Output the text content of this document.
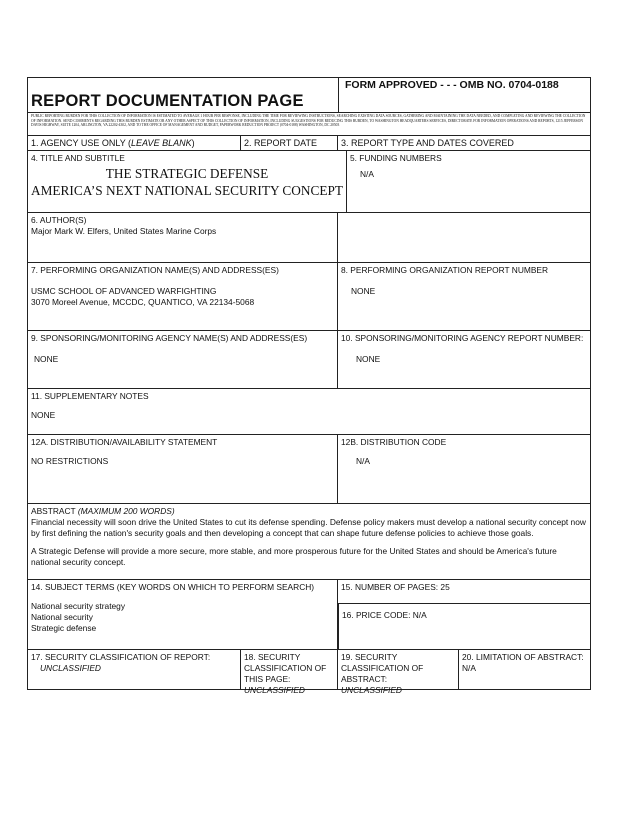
REPORT DOCUMENTATION PAGE
FORM APPROVED - - - OMB NO. 0704-0188
PUBLIC REPORTING BURDEN FOR THIS COLLECTION OF INFORMATION IS ESTIMATED TO AVERAGE 1 HOUR PER RESPONSE, INCLUDING THE TIME FOR REVIEWING INSTRUCTIONS, SEARCHING EXISTING DATA SOURCES, GATHERING AND MAINTAINING THE DATA NEEDED, AND COMPLETING AND REVIEWING THE COLLECTION OF INFORMATION. SEND COMMENTS REGARDING THIS BURDEN ESTIMATE OR ANY OTHER ASPECT OF THIS COLLECTION OF INFORMATION, INCLUDING SUGGESTIONS FOR REDUCING THIS BURDEN, TO WASHINGTON HEADQUARTERS SERVICES, DIRECTORATE FOR INFORMATION OPERATIONS AND REPORTS, 1215 JEFFERSON DAVIS HIGHWAY, SUITE 1204, ARLINGTON, VA 22202-4302, AND TO THE OFFICE OF MANAGEMENT AND BUDGET, PAPERWORK REDUCTION PROJECT (0704-0188) WASHINGTON, DC 20503
1. AGENCY USE ONLY (LEAVE BLANK)	2. REPORT DATE	3. REPORT TYPE AND DATES COVERED
4. TITLE AND SUBTITLE
THE STRATEGIC DEFENSE
AMERICA’S NEXT NATIONAL SECURITY CONCEPT
5. FUNDING NUMBERS
N/A
6. AUTHOR(S)
Major Mark W. Elfers, United States Marine Corps
7. PERFORMING ORGANIZATION NAME(S) AND ADDRESS(ES)
USMC SCHOOL OF ADVANCED WARFIGHTING
3070 Moreel Avenue, MCCDC, QUANTICO, VA 22134-5068
8. PERFORMING ORGANIZATION REPORT NUMBER
NONE
9. SPONSORING/MONITORING AGENCY NAME(S) AND ADDRESS(ES)
NONE
10. SPONSORING/MONITORING AGENCY REPORT NUMBER:
NONE
11. SUPPLEMENTARY NOTES
NONE
12A. DISTRIBUTION/AVAILABILITY STATEMENT
NO RESTRICTIONS
12B. DISTRIBUTION CODE
N/A
ABSTRACT (MAXIMUM 200 WORDS)
Financial necessity will soon drive the United States to cut its defense spending. Defense policy makers must develop a national security concept now by first defining the nation's security goals and then developing a concept that can shape future defense policies to achieve those goals.
A Strategic Defense will provide a more secure, more stable, and more prosperous future for the United States and should be America's future national security concept.
14. SUBJECT TERMS (KEY WORDS ON WHICH TO PERFORM SEARCH)
National security strategy
National security
Strategic defense
15. NUMBER OF PAGES: 25
16. PRICE CODE: N/A
17. SECURITY CLASSIFICATION OF REPORT:
UNCLASSIFIED
18. SECURITY
CLASSIFICATION OF
THIS PAGE:
UNCLASSIFIED
19. SECURITY
CLASSIFICATION OF
ABSTRACT:
UNCLASSIFIED
20. LIMITATION OF ABSTRACT:
N/A
